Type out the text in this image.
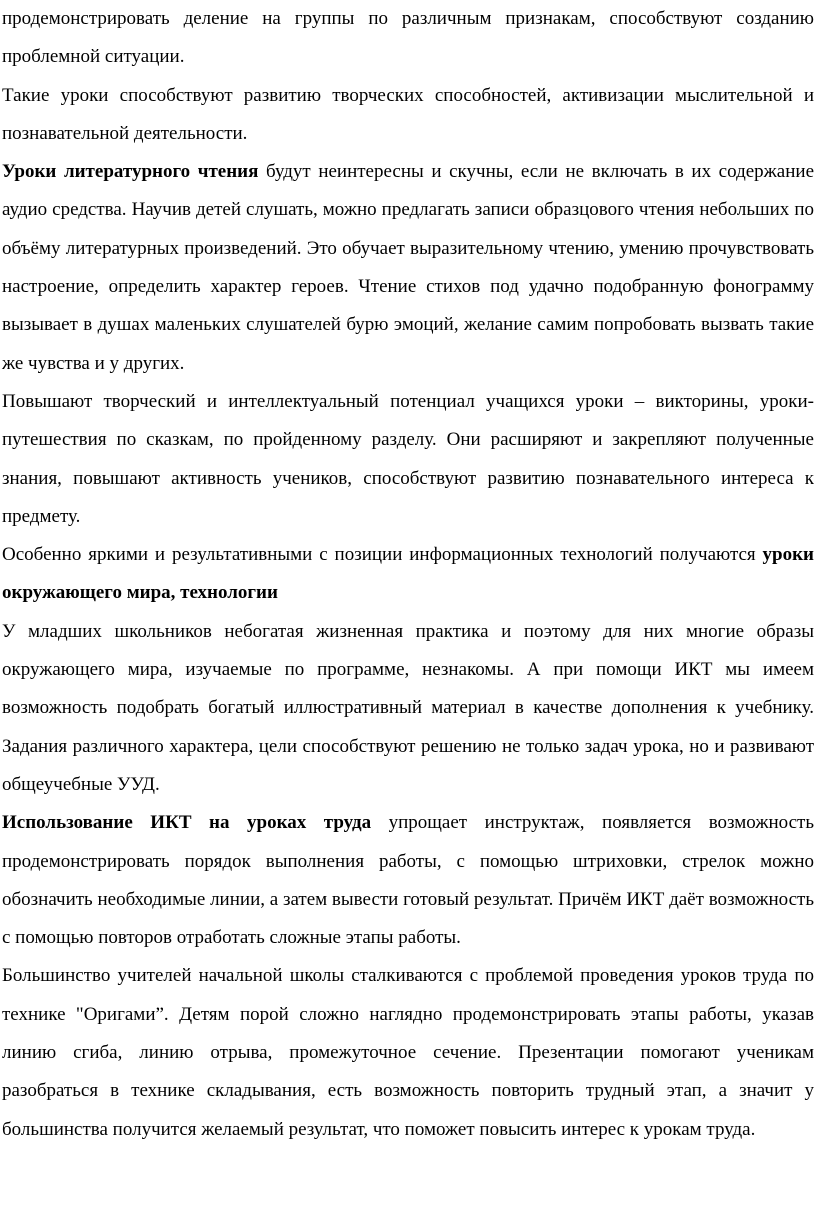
продемонстрировать деление на группы по различным признакам, способствуют созданию проблемной ситуации.

Такие уроки способствуют развитию творческих способностей, активизации мыслительной и познавательной деятельности.

Уроки литературного чтения будут неинтересны и скучны, если не включать в их содержание аудио средства. Научив детей слушать, можно предлагать записи образцового чтения небольших по объёму литературных произведений. Это обучает выразительному чтению, умению прочувствовать настроение, определить характер героев. Чтение стихов под удачно подобранную фонограмму вызывает в душах маленьких слушателей бурю эмоций, желание самим попробовать вызвать такие же чувства и у других.

Повышают творческий и интеллектуальный потенциал учащихся уроки – викторины, уроки-путешествия по сказкам, по пройденному разделу. Они расширяют и закрепляют полученные знания, повышают активность учеников, способствуют развитию познавательного интереса к предмету.

Особенно яркими и результативными с позиции информационных технологий получаются уроки окружающего мира, технологии

У младших школьников небогатая жизненная практика и поэтому для них многие образы окружающего мира, изучаемые по программе, незнакомы. А при помощи ИКТ мы имеем возможность подобрать богатый иллюстративный материал в качестве дополнения к учебнику. Задания различного характера, цели способствуют решению не только задач урока, но и развивают общеучебные УУД.

Использование ИКТ на уроках труда упрощает инструктаж, появляется возможность продемонстрировать порядок выполнения работы, с помощью штриховки, стрелок можно обозначить необходимые линии, а затем вывести готовый результат. Причём ИКТ даёт возможность с помощью повторов отработать сложные этапы работы.

Большинство учителей начальной школы сталкиваются с проблемой проведения уроков труда по технике "Оригами”. Детям порой сложно наглядно продемонстрировать этапы работы, указав линию сгиба, линию отрыва, промежуточное сечение. Презентации помогают ученикам разобраться в технике складывания, есть возможность повторить трудный этап, а значит у большинства получится желаемый результат, что поможет повысить интерес к урокам труда.
